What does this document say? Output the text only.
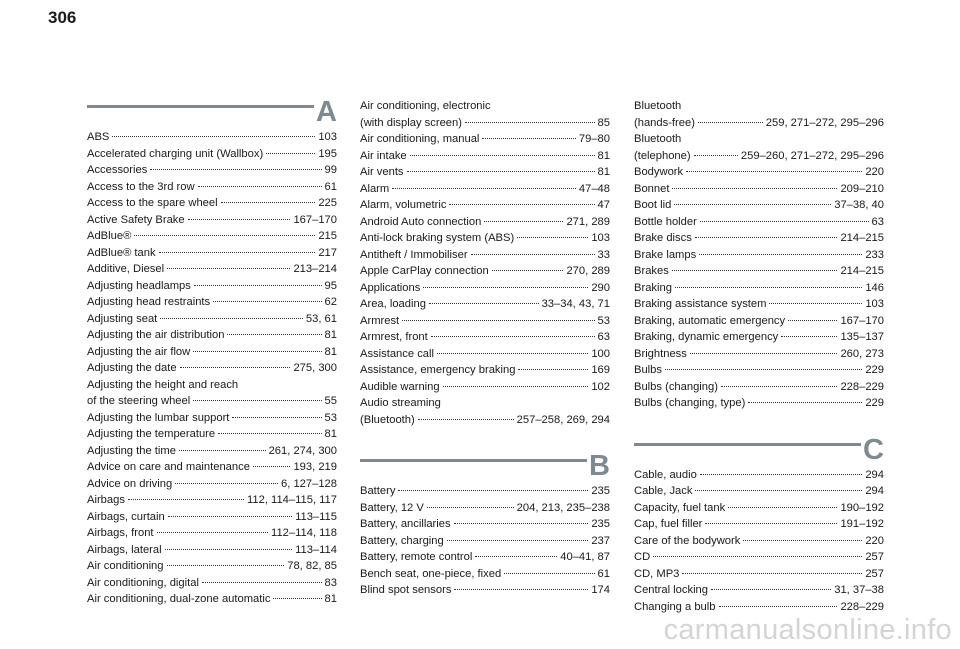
306
A
ABS	103
Accelerated charging unit (Wallbox)	195
Accessories	99
Access to the 3rd row	61
Access to the spare wheel	225
Active Safety Brake	167–170
AdBlue®	215
AdBlue® tank	217
Additive, Diesel	213–214
Adjusting headlamps	95
Adjusting head restraints	62
Adjusting seat	53, 61
Adjusting the air distribution	81
Adjusting the air flow	81
Adjusting the date	275, 300
Adjusting the height and reach
of the steering wheel	55
Adjusting the lumbar support	53
Adjusting the temperature	81
Adjusting the time	261, 274, 300
Advice on care and maintenance	193, 219
Advice on driving	6, 127–128
Airbags	112, 114–115, 117
Airbags, curtain	113–115
Airbags, front	112–114, 118
Airbags, lateral	113–114
Air conditioning	78, 82, 85
Air conditioning, digital	83
Air conditioning, dual-zone automatic	81
Air conditioning, electronic
(with display screen)	85
Air conditioning, manual	79–80
Air intake	81
Air vents	81
Alarm	47–48
Alarm, volumetric	47
Android Auto connection	271, 289
Anti-lock braking system (ABS)	103
Antitheft / Immobiliser	33
Apple CarPlay connection	270, 289
Applications	290
Area, loading	33–34, 43, 71
Armrest	53
Armrest, front	63
Assistance call	100
Assistance, emergency braking	169
Audible warning	102
Audio streaming
(Bluetooth)	257–258, 269, 294
B
Battery	235
Battery, 12 V	204, 213, 235–238
Battery, ancillaries	235
Battery, charging	237
Battery, remote control	40–41, 87
Bench seat, one-piece, fixed	61
Blind spot sensors	174
Bluetooth
(hands-free)	259, 271–272, 295–296
Bluetooth
(telephone)	259–260, 271–272, 295–296
Bodywork	220
Bonnet	209–210
Boot lid	37–38, 40
Bottle holder	63
Brake discs	214–215
Brake lamps	233
Brakes	214–215
Braking	146
Braking assistance system	103
Braking, automatic emergency	167–170
Braking, dynamic emergency	135–137
Brightness	260, 273
Bulbs	229
Bulbs (changing)	228–229
Bulbs (changing, type)	229
C
Cable, audio	294
Cable, Jack	294
Capacity, fuel tank	190–192
Cap, fuel filler	191–192
Care of the bodywork	220
CD	257
CD, MP3	257
Central locking	31, 37–38
Changing a bulb	228–229
carmanualsonline.info
